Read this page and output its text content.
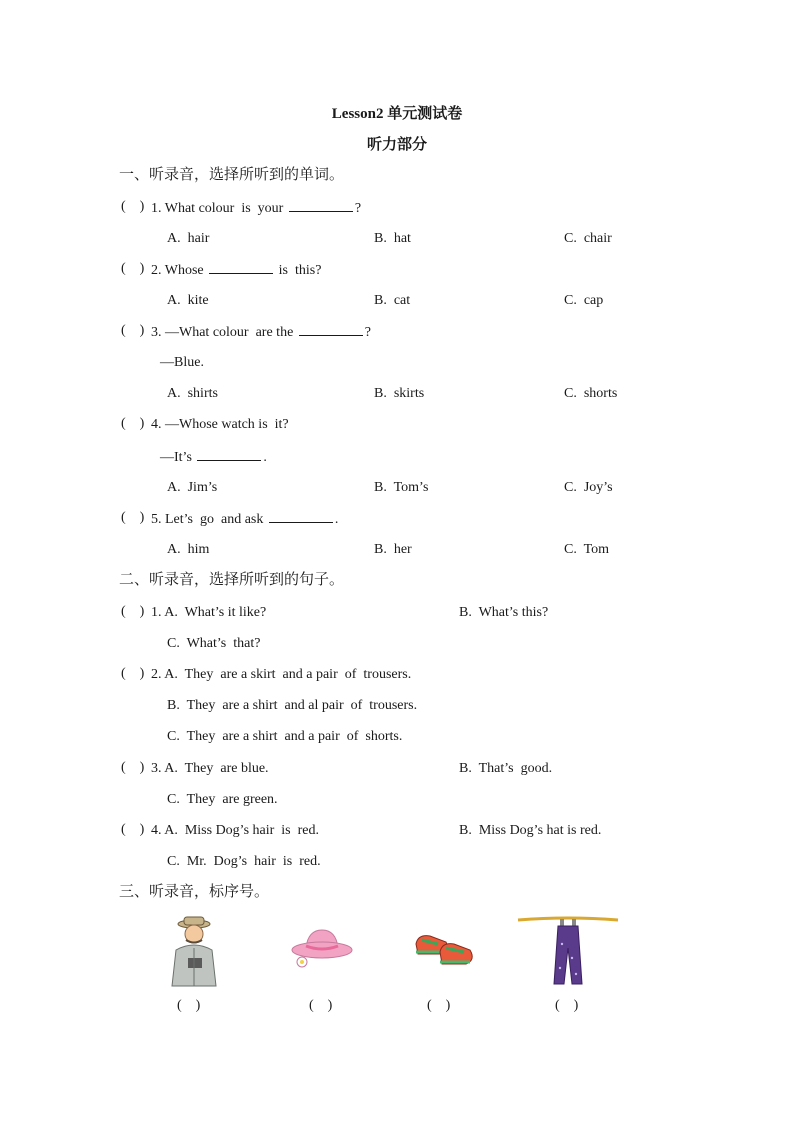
Lesson2 单元测试卷
听力部分
一、听录音，选择所听到的单词。
(    ) 1. What colour  is  your	?
A.  hair	B.  hat	C.  chair
(    ) 2. Whose	is  this?
A.  kite	B.  cat	C.  cap
(    ) 3. —What colour  are the	?
—Blue.
A.  shirts	B.  skirts	C.  shorts
(    ) 4. —Whose watch is  it?
—It’s	.
A.  Jim’s	B.  Tom’s	C.  Joy’s
(    ) 5. Let’s  go  and ask	.
A.  him	B.  her	C.  Tom
二、听录音，选择所听到的句子。
(    ) 1. A.  What’s it like?	B.  What’s this?
C.  What’s  that?
(    ) 2. A.  They  are a skirt  and a pair  of  trousers.
B.  They  are a shirt  and al pair  of  trousers.
C.  They  are a shirt  and a pair  of  shorts.
(    ) 3. A.  They  are blue.	B.  That’s  good.
C.  They  are green.
(    ) 4. A.  Miss Dog’s hair  is  red.	B.  Miss Dog’s hat is red.
C.  Mr.  Dog’s  hair  is  red.
三、听录音，标序号。
(    )	(    )	(    )	(    )
